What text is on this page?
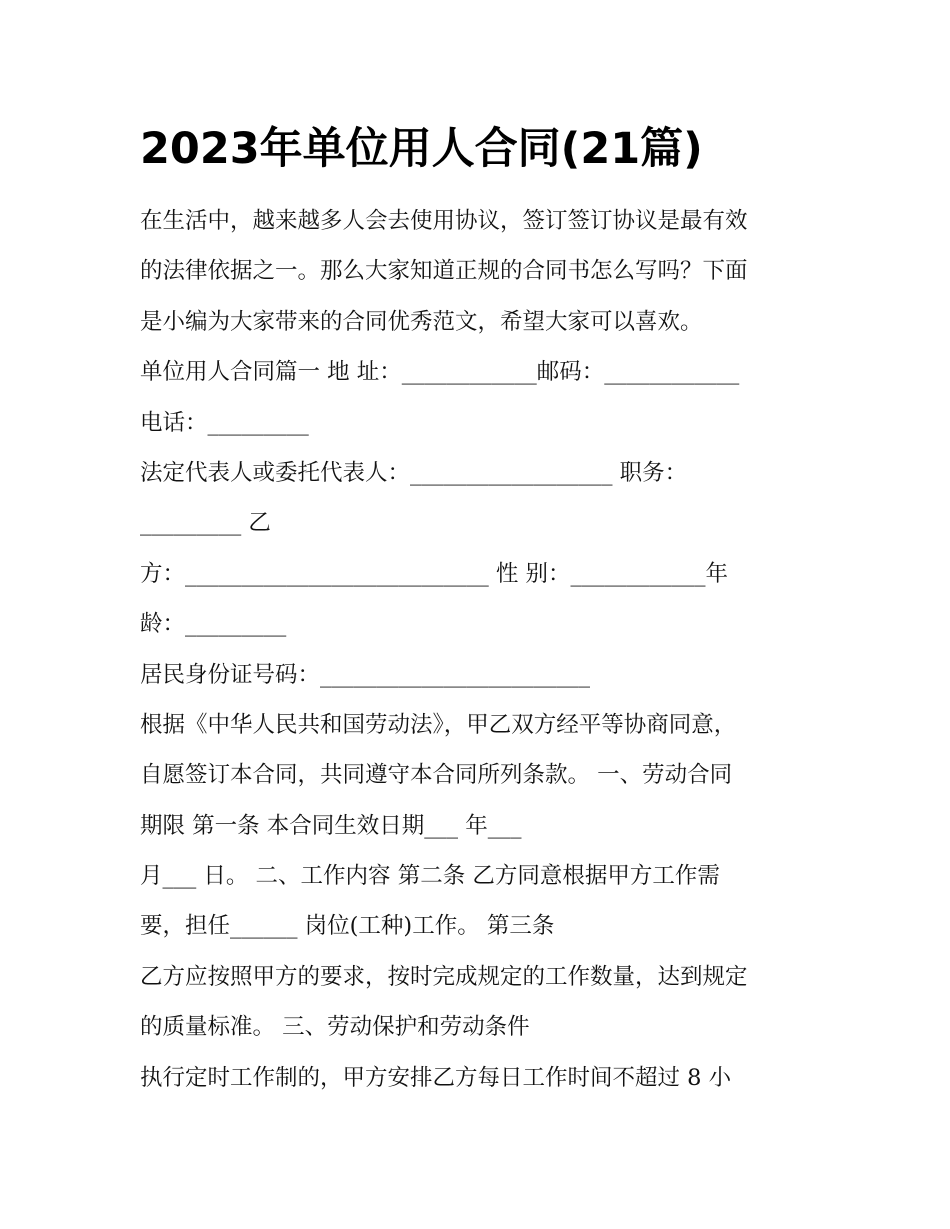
2023年单位用人合同(21篇)
在生活中，越来越多人会去使用协议，签订签订协议是最有效
的法律依据之一。那么大家知道正规的合同书怎么写吗？下面
是小编为大家带来的合同优秀范文，希望大家可以喜欢。
单位用人合同篇一 地 址：____________邮码：____________
电话：_________
法定代表人或委托代表人：__________________ 职务：
_________ 乙
方：___________________________ 性 别：____________年
龄：_________
居民身份证号码：________________________
根据《中华人民共和国劳动法》，甲乙双方经平等协商同意，
自愿签订本合同，共同遵守本合同所列条款。 一、劳动合同
期限 第一条 本合同生效日期___ 年___
月___ 日。 二、工作内容 第二条 乙方同意根据甲方工作需
要，担任______ 岗位(工种)工作。 第三条
乙方应按照甲方的要求，按时完成规定的工作数量，达到规定
的质量标准。 三、劳动保护和劳动条件
执行定时工作制的，甲方安排乙方每日工作时间不超过 8 小
